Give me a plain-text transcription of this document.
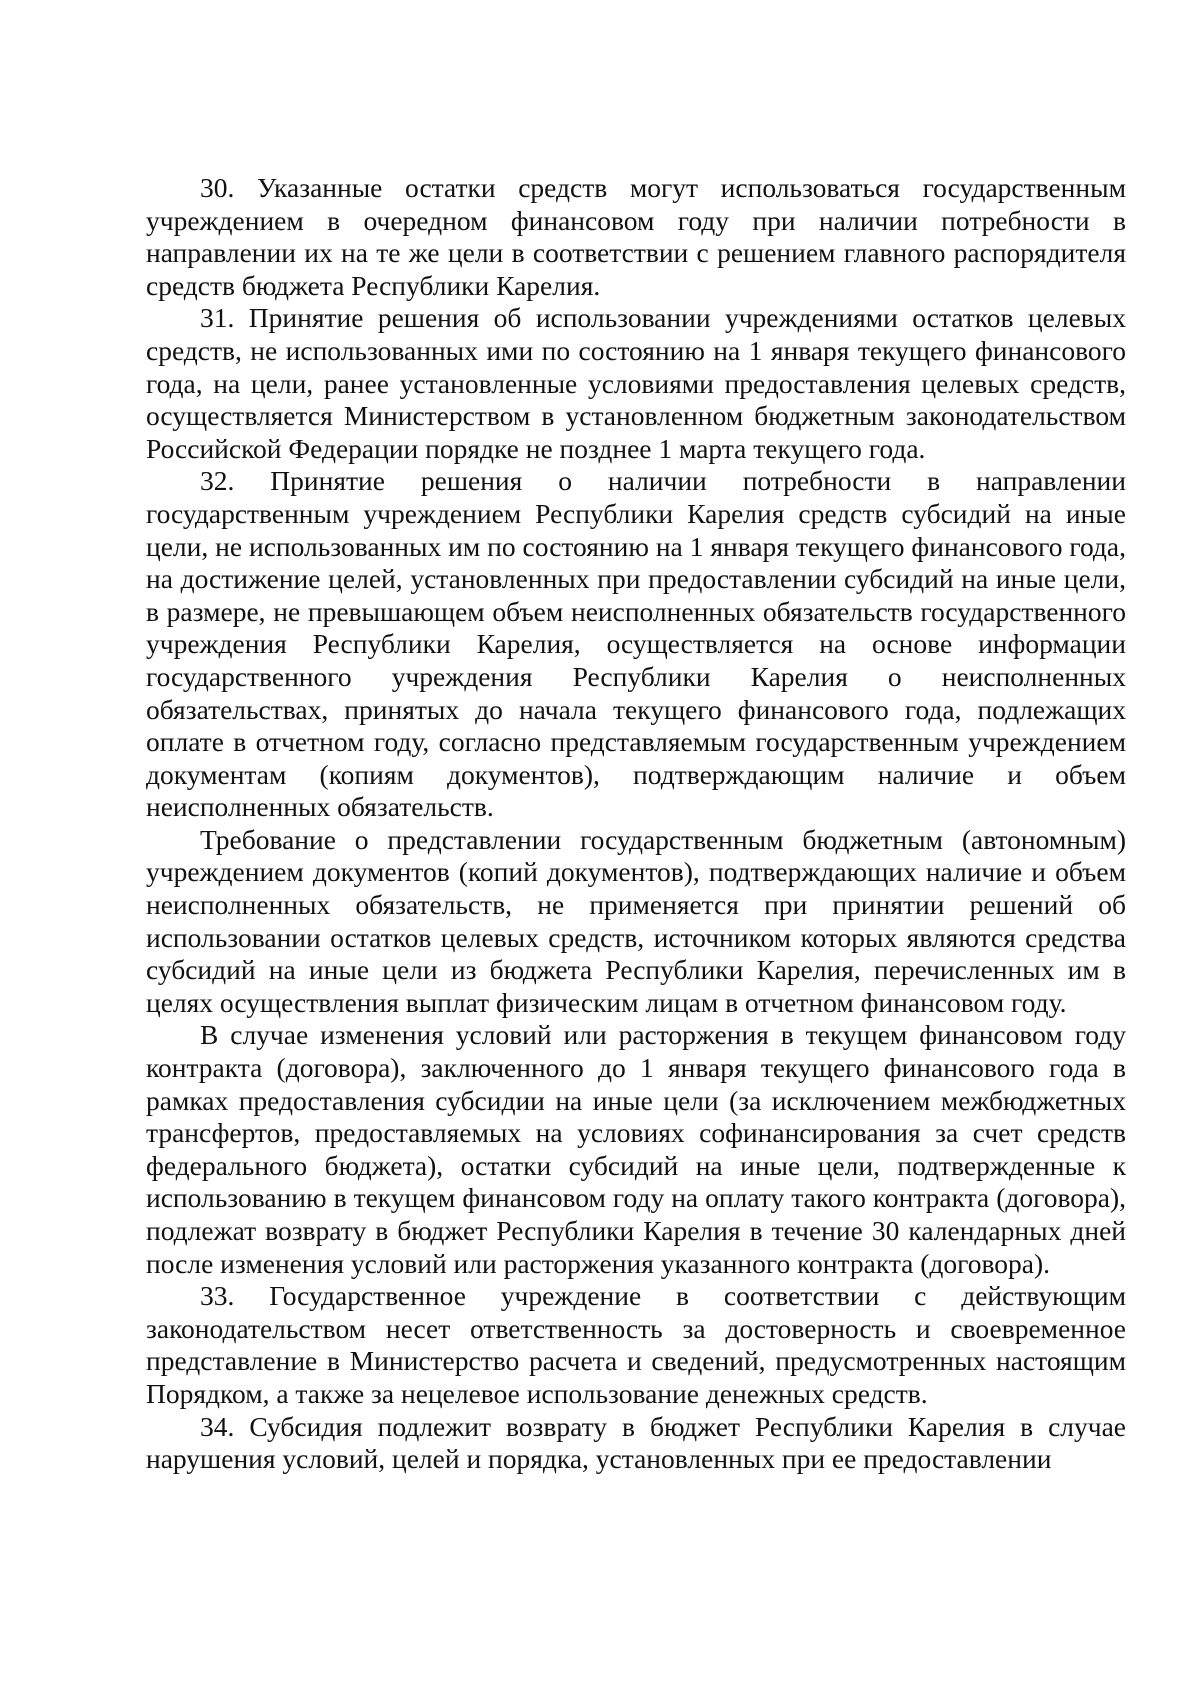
30. Указанные остатки средств могут использоваться государственным учреждением в очередном финансовом году при наличии потребности в направлении их на те же цели в соответствии с решением главного распорядителя средств бюджета Республики Карелия.

31. Принятие решения об использовании учреждениями остатков целевых средств, не использованных ими по состоянию на 1 января текущего финансового года, на цели, ранее установленные условиями предоставления целевых средств, осуществляется Министерством в установленном бюджетным законодательством Российской Федерации порядке не позднее 1 марта текущего года.

32. Принятие решения о наличии потребности в направлении государственным учреждением Республики Карелия средств субсидий на иные цели, не использованных им по состоянию на 1 января текущего финансового года, на достижение целей, установленных при предоставлении субсидий на иные цели, в размере, не превышающем объем неисполненных обязательств государственного учреждения Республики Карелия, осуществляется на основе информации государственного учреждения Республики Карелия о неисполненных обязательствах, принятых до начала текущего финансового года, подлежащих оплате в отчетном году, согласно представляемым государственным учреждением документам (копиям документов), подтверждающим наличие и объем неисполненных обязательств.

Требование о представлении государственным бюджетным (автономным) учреждением документов (копий документов), подтверждающих наличие и объем неисполненных обязательств, не применяется при принятии решений об использовании остатков целевых средств, источником которых являются средства субсидий на иные цели из бюджета Республики Карелия, перечисленных им в целях осуществления выплат физическим лицам в отчетном финансовом году.

В случае изменения условий или расторжения в текущем финансовом году контракта (договора), заключенного до 1 января текущего финансового года в рамках предоставления субсидии на иные цели (за исключением межбюджетных трансфертов, предоставляемых на условиях софинансирования за счет средств федерального бюджета), остатки субсидий на иные цели, подтвержденные к использованию в текущем финансовом году на оплату такого контракта (договора), подлежат возврату в бюджет Республики Карелия в течение 30 календарных дней после изменения условий или расторжения указанного контракта (договора).

33. Государственное учреждение в соответствии с действующим законодательством несет ответственность за достоверность и своевременное представление в Министерство расчета и сведений, предусмотренных настоящим Порядком, а также за нецелевое использование денежных средств.

34. Субсидия подлежит возврату в бюджет Республики Карелия в случае нарушения условий, целей и порядка, установленных при ее предоставлении
